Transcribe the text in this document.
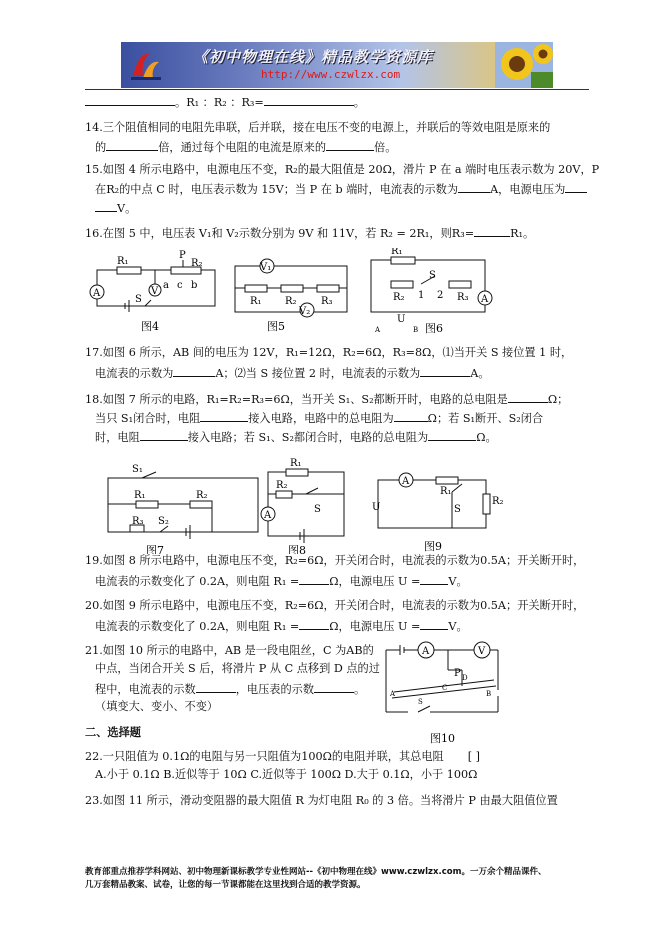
《初中物理在线》精品教学资源库
http://www.czwlzx.com
。R₁ ：R₂ ：R₃=	。
14.三个阻值相同的电阻先串联，后并联，接在电压不变的电源上，并联后的等效电阻是原来的
的	倍，通过每个电阻的电流是原来的	倍。
15.如图 4 所示电路中，电源电压不变，R₂的最大阻值是 20Ω，滑片 P 在 a 端时电压表示数为 20V，P
在R₂的中点 C 时，电压表示数为 15V；当 P 在 b 端时，电流表的示数为	A，电源电压为
V。
16.在图 5 中，电压表 V₁和 V₂示数分别为 9V 和 11V，若 R₂ = 2R₁，则R₃=	R₁。
R₁
P
R₂
A	V
a c b
S
图4
V₁
V₂
R₁ R₂ R₃
图5
R₁
S
R₂ 1 2 R₃ A
A
U
B 图6
17.如图 6 所示，AB 间的电压为 12V，R₁=12Ω，R₂=6Ω，R₃=8Ω，⑴当开关 S 接位置 1 时，
电流表的示数为	A；⑵当 S 接位置 2 时，电流表的示数为	A。
18.如图 7 所示的电路，R₁=R₂=R₃=6Ω，当开关 S₁、S₂都断开时，电路的总电阻是	Ω；
当只 S₁闭合时，电阻	接入电路，电路中的总电阻为	Ω；若 S₁断开、S₂闭合
时，电阻	接入电路；若 S₁、S₂都闭合时，电路的总电阻为	Ω。
S₁
R₁	R₂
R₃ S₂
图7
R₁
R₂
S
A
图8
A
R₁
R₂
U	S
图9
19.如图 8 所示电路中，电源电压不变，R₂=6Ω，开关闭合时，电流表的示数为0.5A；开关断开时，
电流表的示数变化了 0.2A，则电阻 R₁ =	Ω，电源电压 U =	V。
20.如图 9 所示电路中，电源电压不变，R₂=6Ω，开关闭合时，电流表的示数为0.5A；开关断开时，
电流表的示数变化了 0.2A，则电阻 R₁ =	Ω，电源电压 U =	V。
21.如图 10 所示的电路中，AB 是一段电阻丝，C 为AB的
中点，当闭合开关 S 后，将滑片 P 从 C 点移到 D 点的过
程中，电流表的示数	，电压表的示数	。
（填变大、变小、不变）
A	V
P
C
D
A	B
S
图10
二、选择题
22.一只阻值为 0.1Ω的电阻与另一只阻值为100Ω的电阻并联，其总电阻 [ ]
A.小于 0.1Ω B.近似等于 10Ω C.近似等于 100Ω D.大于 0.1Ω，小于 100Ω
23.如图 11 所示，滑动变阻器的最大阻值 R 为灯电阻 R₀ 的 3 倍。当将滑片 P 由最大阻值位置
教育部重点推荐学科网站、初中物理新课标教学专业性网站--《初中物理在线》www.czwlzx.com。一万余个精品课件、
几万套精品教案、试卷，让您的每一节课都能在这里找到合适的教学资源。
